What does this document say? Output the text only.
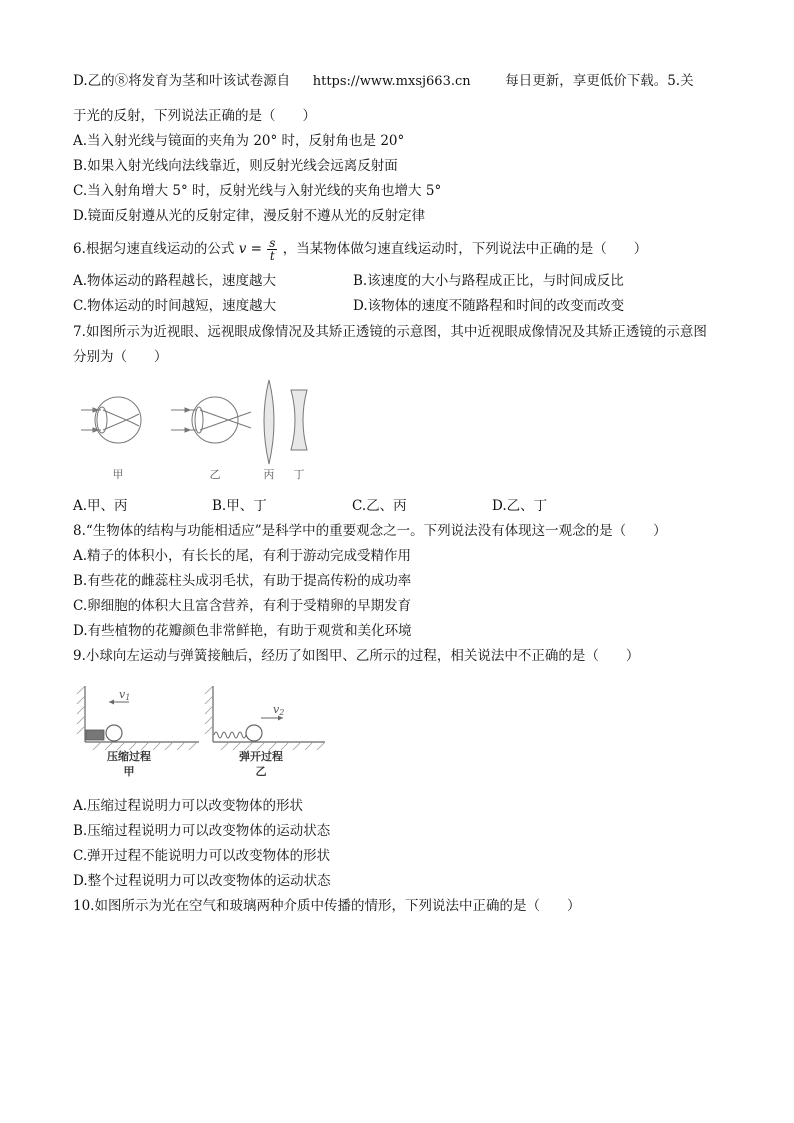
D.乙的⑧将发育为茎和叶该试卷源自 https://www.mxsj663.cn	每日更新，享更低价下载。5.关
于光的反射，下列说法正确的是（　　）
A.当入射光线与镜面的夹角为 20° 时，反射角也是 20°
B.如果入射光线向法线靠近，则反射光线会远离反射面
C.当入射角增大 5° 时，反射光线与入射光线的夹角也增大 5°
D.镜面反射遵从光的反射定律，漫反射不遵从光的反射定律
6.根据匀速直线运动的公式 $v = \frac{s}{t}$ ，当某物体做匀速直线运动时，下列说法中正确的是（　　）
A.物体运动的路程越长，速度越大	B.该速度的大小与路程成正比，与时间成反比
C.物体运动的时间越短，速度越大	D.该物体的速度不随路程和时间的改变而改变
7.如图所示为近视眼、远视眼成像情况及其矫正透镜的示意图，其中近视眼成像情况及其矫正透镜的示意图
分别为（　　）
甲	乙	丙 丁
A.甲、丙	B.甲、丁	C.乙、丙	D.乙、丁
8.“生物体的结构与功能相适应”是科学中的重要观念之一。下列说法没有体现这一观念的是（　　）
A.精子的体积小，有长长的尾，有利于游动完成受精作用
B.有些花的雌蕊柱头成羽毛状，有助于提高传粉的成功率
C.卵细胞的体积大且富含营养，有利于受精卵的早期发育
D.有些植物的花瓣颜色非常鲜艳，有助于观赏和美化环境
9.小球向左运动与弹簧接触后，经历了如图甲、乙所示的过程，相关说法中不正确的是（　　）
v1
压缩过程
甲
v2
弹开过程
乙
A.压缩过程说明力可以改变物体的形状
B.压缩过程说明力可以改变物体的运动状态
C.弹开过程不能说明力可以改变物体的形状
D.整个过程说明力可以改变物体的运动状态
10.如图所示为光在空气和玻璃两种介质中传播的情形，下列说法中正确的是（　　）
